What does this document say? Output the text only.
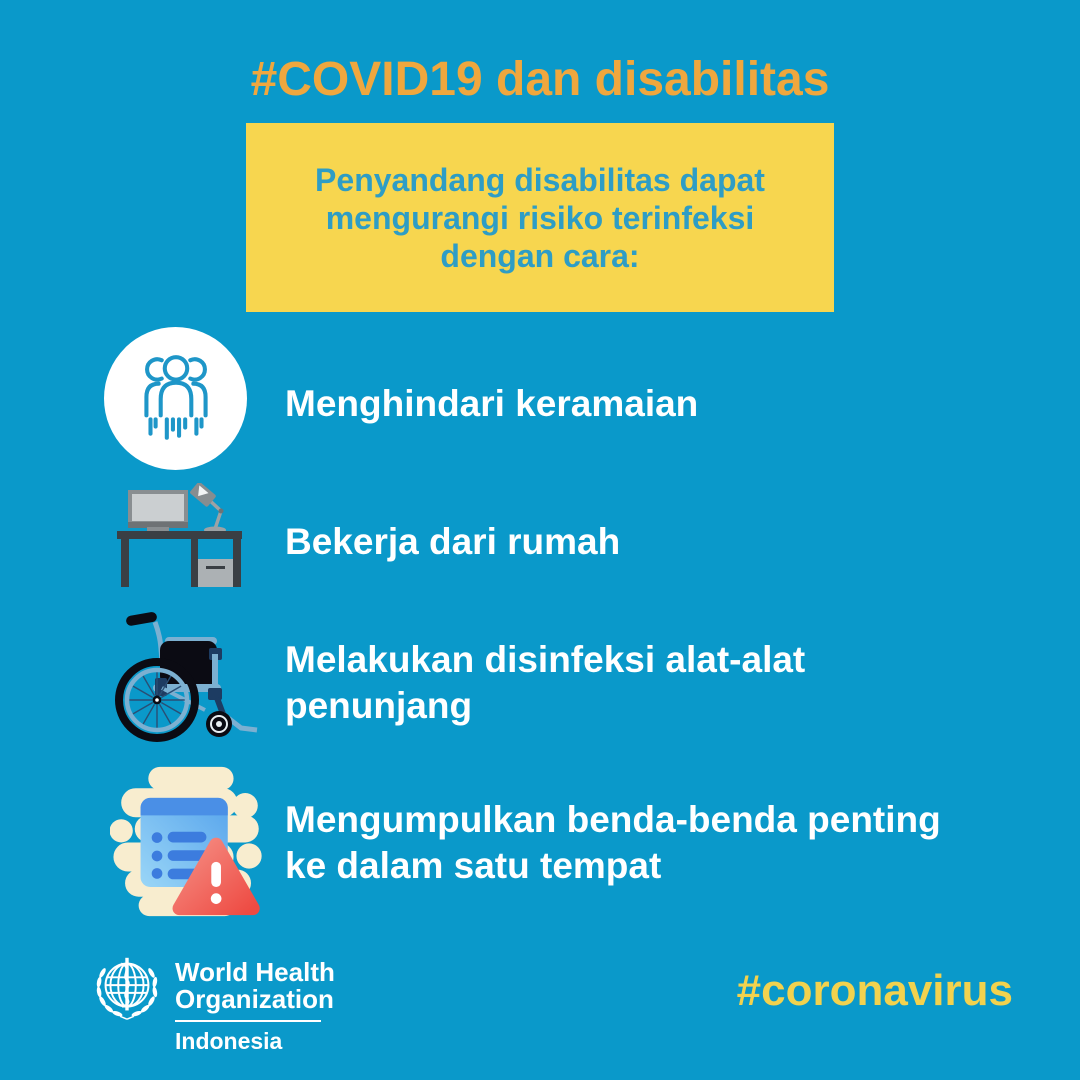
#COVID19 dan disabilitas
Penyandang disabilitas dapat
mengurangi risiko terinfeksi
dengan cara:
Menghindari keramaian
Bekerja dari rumah
Melakukan disinfeksi alat-alat
penunjang
Mengumpulkan benda-benda penting
ke dalam satu tempat
World Health
Organization
Indonesia
#coronavirus
